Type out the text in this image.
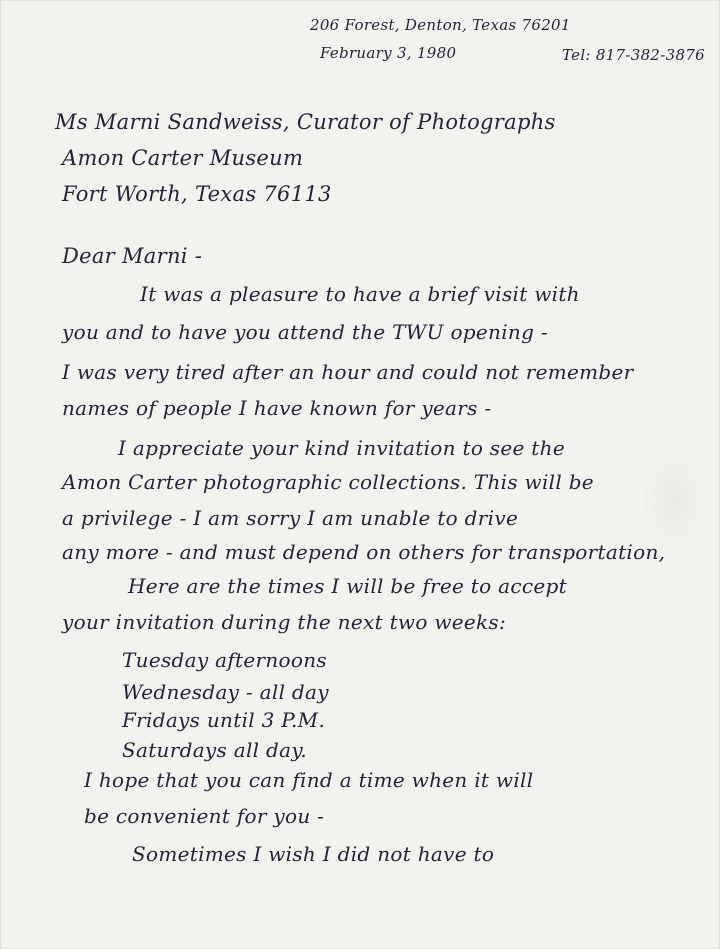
206 Forest, Denton, Texas 76201

February 3, 1980	Tel: 817-382-3876

Ms Marni Sandweiss, Curator of Photographs

Amon Carter Museum

Fort Worth, Texas 76113

Dear Marni -

It was a pleasure to have a brief visit with

you and to have you attend the TWU opening -

I was very tired after an hour and could not remember

names of people I have known for years -

I appreciate your kind invitation to see the

Amon Carter photographic collections. This will be

a privilege - I am sorry I am unable to drive

any more - and must depend on others for transportation,

Here are the times I will be free to accept

your invitation during the next two weeks:

Tuesday afternoons

Wednesday - all day

Fridays until 3 P.M.

Saturdays all day.

I hope that you can find a time when it will

be convenient for you -

Sometimes I wish I did not have to
